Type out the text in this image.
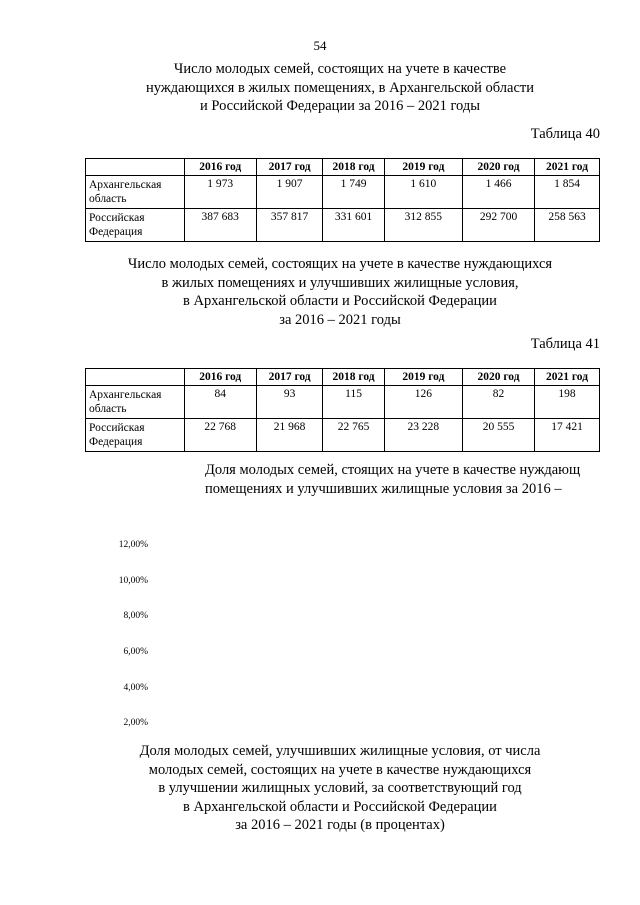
54
Число молодых семей, состоящих на учете в качестве
нуждающихся в жилых помещениях, в Архангельской области
и Российской Федерации за 2016 – 2021 годы
Таблица 40
	2016 год	2017 год	2018 год	2019 год	2020 год	2021 год
Архангельская область	1 973	1 907	1 749	1 610	1 466	1 854
Российская Федерация	387 683	357 817	331 601	312 855	292 700	258 563
Число молодых семей, состоящих на учете в качестве нуждающихся
в жилых помещениях и улучшивших жилищные условия,
в Архангельской области и Российской Федерации
за 2016 – 2021 годы
Таблица 41
	2016 год	2017 год	2018 год	2019 год	2020 год	2021 год
Архангельская область	84	93	115	126	82	198
Российская Федерация	22 768	21 968	22 765	23 228	20 555	17 421
Доля молодых семей, стоящих на учете в качестве нуждающ
помещениях и улучшивших жилищные условия за 2016 –
12,00%
10,00%
8,00%
6,00%
4,00%
2,00%
Доля молодых семей, улучшивших жилищные условия, от числа
молодых семей, состоящих на учете в качестве нуждающихся
в улучшении жилищных условий, за соответствующий год
в Архангельской области и Российской Федерации
за 2016 – 2021 годы (в процентах)
